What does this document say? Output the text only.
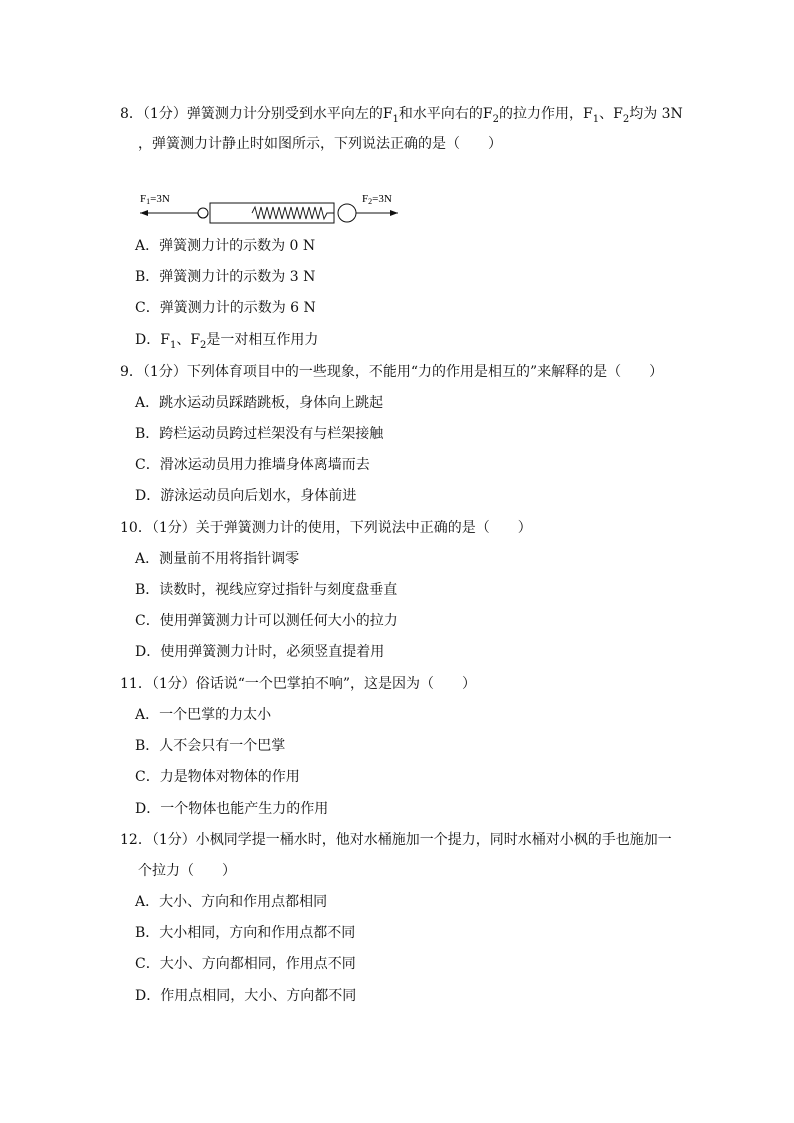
8．（1分）弹簧测力计分别受到水平向左的$F_1$和水平向右的$F_2$的拉力作用，$F_1$、$F_2$均为 3N
，弹簧测力计静止时如图所示，下列说法正确的是（　　）
F1=3N	F2=3N
A．弹簧测力计的示数为 0 N
B．弹簧测力计的示数为 3 N
C．弹簧测力计的示数为 6 N
D．$F_1$、$F_2$是一对相互作用力
9．（1分）下列体育项目中的一些现象，不能用“力的作用是相互的”来解释的是（　　）
A．跳水运动员踩踏跳板，身体向上跳起
B．跨栏运动员跨过栏架没有与栏架接触
C．滑冰运动员用力推墙身体离墙而去
D．游泳运动员向后划水，身体前进
10．（1分）关于弹簧测力计的使用，下列说法中正确的是（　　）
A．测量前不用将指针调零
B．读数时，视线应穿过指针与刻度盘垂直
C．使用弹簧测力计可以测任何大小的拉力
D．使用弹簧测力计时，必须竖直提着用
11．（1分）俗话说“一个巴掌拍不响”，这是因为（　　）
A．一个巴掌的力太小
B．人不会只有一个巴掌
C．力是物体对物体的作用
D．一个物体也能产生力的作用
12．（1分）小枫同学提一桶水时，他对水桶施加一个提力，同时水桶对小枫的手也施加一
个拉力（　　）
A．大小、方向和作用点都相同
B．大小相同，方向和作用点都不同
C．大小、方向都相同，作用点不同
D．作用点相同，大小、方向都不同
